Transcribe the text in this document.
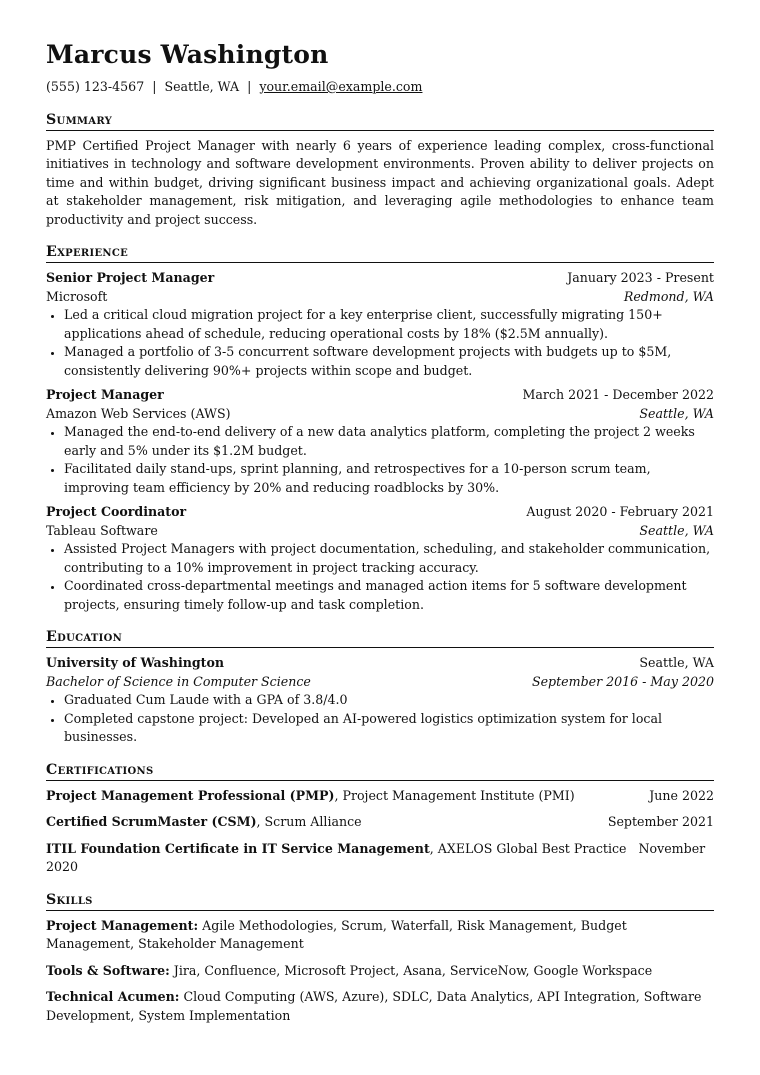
Marcus Washington
(555) 123-4567 | Seattle, WA | your.email@example.com
Summary
PMP Certified Project Manager with nearly 6 years of experience leading complex, cross-functional initiatives in technology and software development environments. Proven ability to deliver projects on time and within budget, driving significant business impact and achieving organizational goals. Adept at stakeholder management, risk mitigation, and leveraging agile methodologies to enhance team productivity and project success.
Experience
Senior Project Manager	January 2023 - Present
Microsoft	Redmond, WA
• Led a critical cloud migration project for a key enterprise client, successfully migrating 150+ applications ahead of schedule, reducing operational costs by 18% ($2.5M annually).
• Managed a portfolio of 3-5 concurrent software development projects with budgets up to $5M, consistently delivering 90%+ projects within scope and budget.
Project Manager	March 2021 - December 2022
Amazon Web Services (AWS)	Seattle, WA
• Managed the end-to-end delivery of a new data analytics platform, completing the project 2 weeks early and 5% under its $1.2M budget.
• Facilitated daily stand-ups, sprint planning, and retrospectives for a 10-person scrum team, improving team efficiency by 20% and reducing roadblocks by 30%.
Project Coordinator	August 2020 - February 2021
Tableau Software	Seattle, WA
• Assisted Project Managers with project documentation, scheduling, and stakeholder communication, contributing to a 10% improvement in project tracking accuracy.
• Coordinated cross-departmental meetings and managed action items for 5 software development projects, ensuring timely follow-up and task completion.
Education
University of Washington	Seattle, WA
Bachelor of Science in Computer Science	September 2016 - May 2020
• Graduated Cum Laude with a GPA of 3.8/4.0
• Completed capstone project: Developed an AI-powered logistics optimization system for local businesses.
Certifications
Project Management Professional (PMP), Project Management Institute (PMI)	June 2022
Certified ScrumMaster (CSM), Scrum Alliance	September 2021
ITIL Foundation Certificate in IT Service Management, AXELOS Global Best Practice November 2020
Skills
Project Management: Agile Methodologies, Scrum, Waterfall, Risk Management, Budget Management, Stakeholder Management
Tools & Software: Jira, Confluence, Microsoft Project, Asana, ServiceNow, Google Workspace
Technical Acumen: Cloud Computing (AWS, Azure), SDLC, Data Analytics, API Integration, Software Development, System Implementation
